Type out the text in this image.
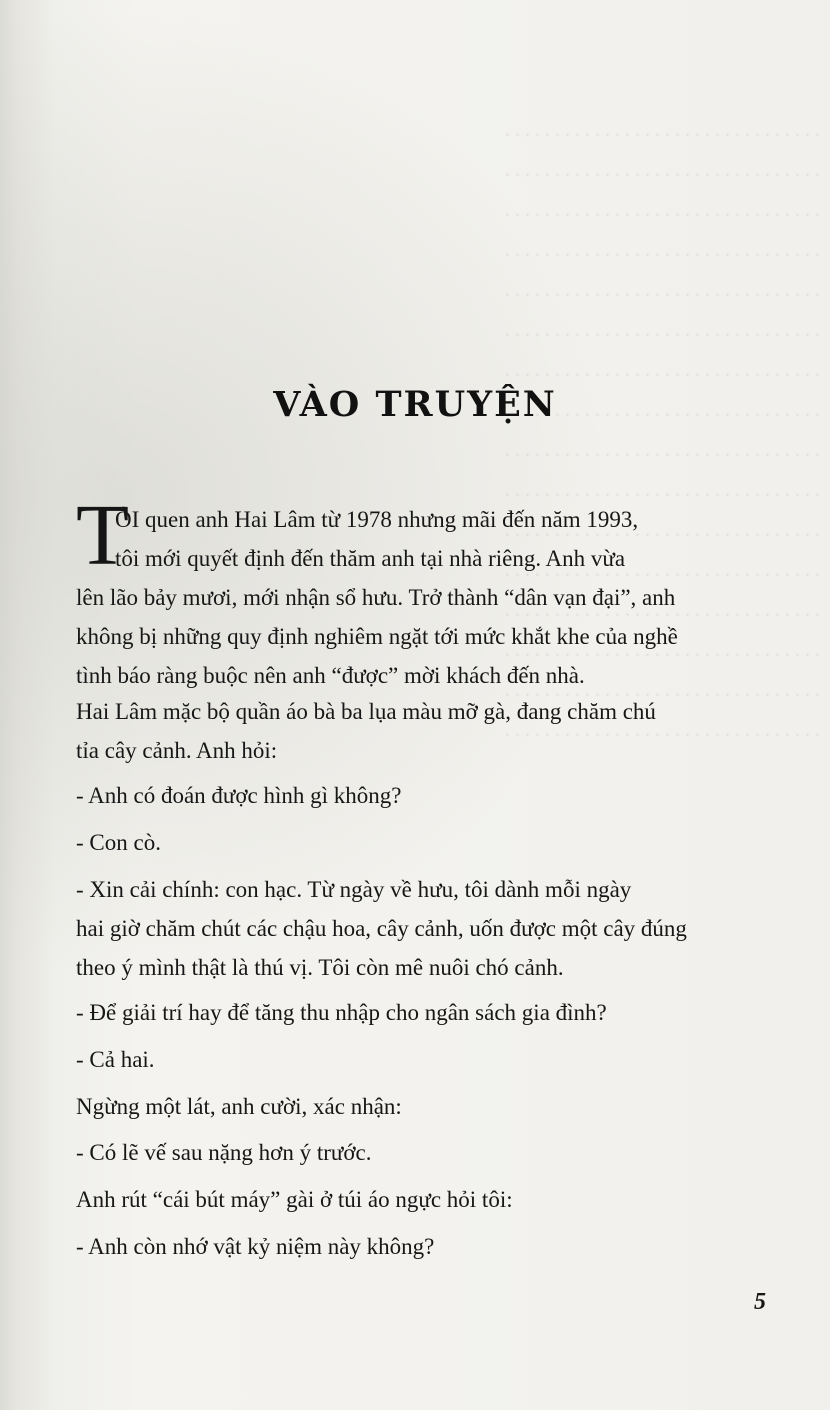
. . . . . . . . . . . . . . . . . . . . . . . . . . . . . . . .
. . . . . . . . . . . . . . . . . . . . . . . . . . . . . . . .
. . . . . . . . . . . . . . . . . . . . . . . . . . . . . . . .
. . . . . . . . . . . . . . . . . . . . . . . . . . . . . . . .
. . . . . . . . . . . . . . . . . . . . . . . . . . . . . . . .
. . . . . . . . . . . . . . . . . . . . . . . . . . . . . . . .
. . . . . . . . . . . . . . . . . . . . . . . . . . . . . . . .
. . . . . . . . . . . . . . . . . . . . . . . . . . . . . . . .
. . . . . . . . . . . . . . . . . . . . . . . . . . . . . . . .
. . . . . . . . . . . . . . . . . . . . . . . . . . . . . . . .
. . . . . . . . . . . . . . . . . . . . . . . . . . . . . . . .
. . . . . . . . . . . . . . . . . . . . . . . . . . . . . . . .
. . . . . . . . . . . . . . . . . . . . . . . . . . . . . . . .
. . . . . . . . . . . . . . . . . . . . . . . . . . . . . . . .
. . . . . . . . . . . . . . . . . . . . . . . . . . . . . . . .
. . . . . . . . . . . . . . . . . . . . . . . . . . . . . . . .
VÀO TRUYỆN
T

ÔI quen anh Hai Lâm từ 1978 nhưng mãi đến năm 1993,
tôi mới quyết định đến thăm anh tại nhà riêng. Anh vừa

lên lão bảy mươi, mới nhận sổ hưu. Trở thành “dân vạn đại”, anh
không bị những quy định nghiêm ngặt tới mức khắt khe của nghề
tình báo ràng buộc nên anh “được” mời khách đến nhà.

Hai Lâm mặc bộ quần áo bà ba lụa màu mỡ gà, đang chăm chú
tỉa cây cảnh. Anh hỏi:

- Anh có đoán được hình gì không?

- Con cò.

- Xin cải chính: con hạc. Từ ngày về hưu, tôi dành mỗi ngày
hai giờ chăm chút các chậu hoa, cây cảnh, uốn được một cây đúng
theo ý mình thật là thú vị. Tôi còn mê nuôi chó cảnh.

- Để giải trí hay để tăng thu nhập cho ngân sách gia đình?

- Cả hai.

Ngừng một lát, anh cười, xác nhận:

- Có lẽ vế sau nặng hơn ý trước.

Anh rút “cái bút máy” gài ở túi áo ngực hỏi tôi:

- Anh còn nhớ vật kỷ niệm này không?

5
